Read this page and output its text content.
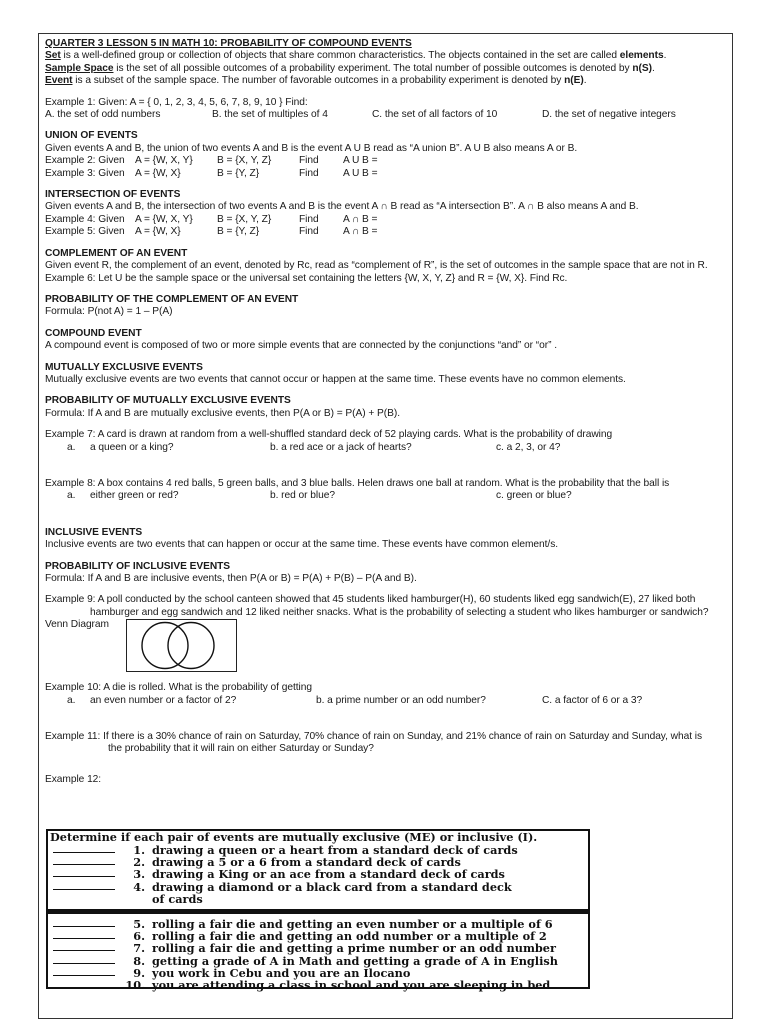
QUARTER 3 LESSON 5 IN MATH 10: PROBABILITY OF COMPOUND EVENTS
Set is a well-defined group or collection of objects that share common characteristics. The objects contained in the set are called elements.
Sample Space is the set of all possible outcomes of a probability experiment. The total number of possible outcomes is denoted by n(S).
Event is a subset of the sample space. The number of favorable outcomes in a probability experiment is denoted by n(E).
Example 1: Given: A = { 0, 1, 2, 3, 4, 5, 6, 7, 8, 9, 10 } Find:
A. the set of odd numbers	B. the set of multiples of 4	C. the set of all factors of 10	D. the set of negative integers
UNION OF EVENTS
Given events A and B, the union of two events A and B is the event A U B read as “A union B”. A U B also means A or B.
Example 2: Given	A = {W, X, Y}	B = {X, Y, Z}	Find	A U B =
Example 3: Given	A = {W, X}	B = {Y, Z}	Find	A U B =
INTERSECTION OF EVENTS
Given events A and B, the intersection of two events A and B is the event A ∩ B read as “A intersection B”. A ∩ B also means A and B.
Example 4: Given	A = {W, X, Y}	B = {X, Y, Z}	Find	A ∩ B =
Example 5: Given	A = {W, X}	B = {Y, Z}	Find	A ∩ B =
COMPLEMENT OF AN EVENT
Given event R, the complement of an event, denoted by Rc, read as “complement of R”, is the set of outcomes in the sample space that are not in R.
Example 6: Let U be the sample space or the universal set containing the letters {W, X, Y, Z} and R = {W, X}. Find Rc.
PROBABILITY OF THE COMPLEMENT OF AN EVENT
Formula: P(not A) = 1 – P(A)
COMPOUND EVENT
A compound event is composed of two or more simple events that are connected by the conjunctions “and” or “or” .
MUTUALLY EXCLUSIVE EVENTS
Mutually exclusive events are two events that cannot occur or happen at the same time. These events have no common elements.
PROBABILITY OF MUTUALLY EXCLUSIVE EVENTS
Formula: If A and B are mutually exclusive events, then P(A or B) = P(A) + P(B).
Example 7: A card is drawn at random from a well-shuffled standard deck of 52 playing cards. What is the probability of drawing
a.	a queen or a king?	b. a red ace or a jack of hearts?	c. a 2, 3, or 4?
Example 8: A box contains 4 red balls, 5 green balls, and 3 blue balls. Helen draws one ball at random. What is the probability that the ball is
a.	either green or red?	b. red or blue?	c. green or blue?
INCLUSIVE EVENTS
Inclusive events are two events that can happen or occur at the same time. These events have common element/s.
PROBABILITY OF INCLUSIVE EVENTS
Formula: If A and B are inclusive events, then P(A or B) = P(A) + P(B) – P(A and B).
Example 9: A poll conducted by the school canteen showed that 45 students liked hamburger(H), 60 students liked egg sandwich(E), 27 liked both
hamburger and egg sandwich and 12 liked neither snacks. What is the probability of selecting a student who likes hamburger or sandwich?
Venn Diagram
Example 10: A die is rolled. What is the probability of getting
a.	an even number or a factor of 2?	b. a prime number or an odd number?	C. a factor of 6 or a 3?
Example 11: If there is a 30% chance of rain on Saturday, 70% chance of rain on Sunday, and 21% chance of rain on Saturday and Sunday, what is
the probability that it will rain on either Saturday or Sunday?
Example 12:
Determine if each pair of events are mutually exclusive (ME) or inclusive (I).
1. drawing a queen or a heart from a standard deck of cards
2. drawing a 5 or a 6 from a standard deck of cards
3. drawing a King or an ace from a standard deck of cards
4. drawing a diamond or a black card from a standard deck
of cards
5. rolling a fair die and getting an even number or a multiple of 6
6. rolling a fair die and getting an odd number or a multiple of 2
7. rolling a fair die and getting a prime number or an odd number
8. getting a grade of A in Math and getting a grade of A in English
9. you work in Cebu and you are an Ilocano
10. you are attending a class in school and you are sleeping in bed
